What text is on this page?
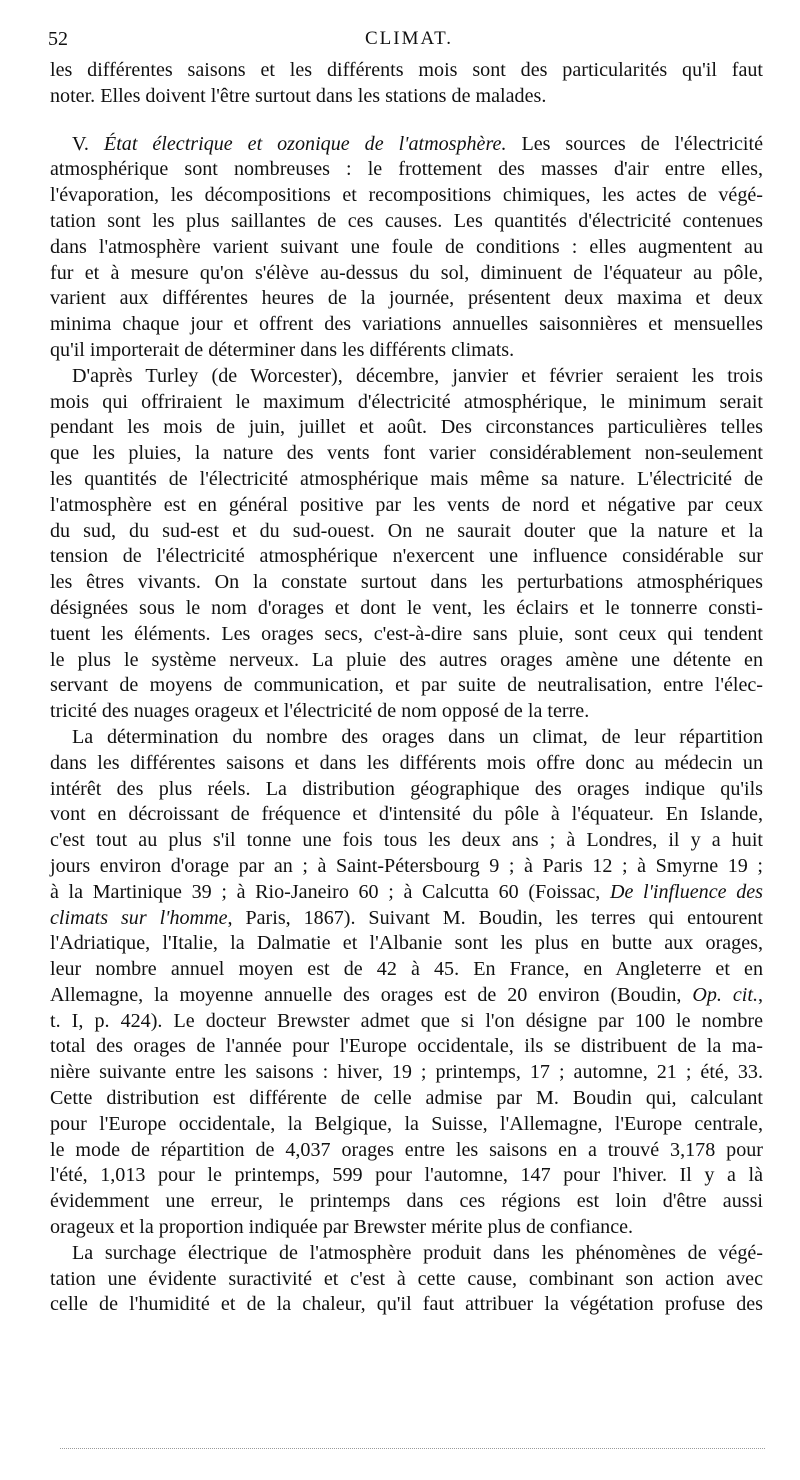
52	CLIMAT.
les différentes saisons et les différents mois sont des particularités qu'il faut
noter. Elles doivent l'être surtout dans les stations de malades.
V. État électrique et ozonique de l'atmosphère. Les sources de l'électricité
atmosphérique sont nombreuses : le frottement des masses d'air entre elles,
l'évaporation, les décompositions et recompositions chimiques, les actes de végé-
tation sont les plus saillantes de ces causes. Les quantités d'électricité contenues
dans l'atmosphère varient suivant une foule de conditions : elles augmentent au
fur et à mesure qu'on s'élève au-dessus du sol, diminuent de l'équateur au pôle,
varient aux différentes heures de la journée, présentent deux maxima et deux
minima chaque jour et offrent des variations annuelles saisonnières et mensuelles
qu'il importerait de déterminer dans les différents climats.
D'après Turley (de Worcester), décembre, janvier et février seraient les trois
mois qui offriraient le maximum d'électricité atmosphérique, le minimum serait
pendant les mois de juin, juillet et août. Des circonstances particulières telles
que les pluies, la nature des vents font varier considérablement non-seulement
les quantités de l'électricité atmosphérique mais même sa nature. L'électricité de
l'atmosphère est en général positive par les vents de nord et négative par ceux
du sud, du sud-est et du sud-ouest. On ne saurait douter que la nature et la
tension de l'électricité atmosphérique n'exercent une influence considérable sur
les êtres vivants. On la constate surtout dans les perturbations atmosphériques
désignées sous le nom d'orages et dont le vent, les éclairs et le tonnerre consti-
tuent les éléments. Les orages secs, c'est-à-dire sans pluie, sont ceux qui tendent
le plus le système nerveux. La pluie des autres orages amène une détente en
servant de moyens de communication, et par suite de neutralisation, entre l'élec-
tricité des nuages orageux et l'électricité de nom opposé de la terre.
La détermination du nombre des orages dans un climat, de leur répartition
dans les différentes saisons et dans les différents mois offre donc au médecin un
intérêt des plus réels. La distribution géographique des orages indique qu'ils
vont en décroissant de fréquence et d'intensité du pôle à l'équateur. En Islande,
c'est tout au plus s'il tonne une fois tous les deux ans ; à Londres, il y a huit
jours environ d'orage par an ; à Saint-Pétersbourg 9 ; à Paris 12 ; à Smyrne 19 ;
à la Martinique 39 ; à Rio-Janeiro 60 ; à Calcutta 60 (Foissac, De l'influence des
climats sur l'homme, Paris, 1867). Suivant M. Boudin, les terres qui entourent
l'Adriatique, l'Italie, la Dalmatie et l'Albanie sont les plus en butte aux orages,
leur nombre annuel moyen est de 42 à 45. En France, en Angleterre et en
Allemagne, la moyenne annuelle des orages est de 20 environ (Boudin, Op. cit.,
t. I, p. 424). Le docteur Brewster admet que si l'on désigne par 100 le nombre
total des orages de l'année pour l'Europe occidentale, ils se distribuent de la ma-
nière suivante entre les saisons : hiver, 19 ; printemps, 17 ; automne, 21 ; été, 33.
Cette distribution est différente de celle admise par M. Boudin qui, calculant
pour l'Europe occidentale, la Belgique, la Suisse, l'Allemagne, l'Europe centrale,
le mode de répartition de 4,037 orages entre les saisons en a trouvé 3,178 pour
l'été, 1,013 pour le printemps, 599 pour l'automne, 147 pour l'hiver. Il y a là
évidemment une erreur, le printemps dans ces régions est loin d'être aussi
orageux et la proportion indiquée par Brewster mérite plus de confiance.
La surchage électrique de l'atmosphère produit dans les phénomènes de végé-
tation une évidente suractivité et c'est à cette cause, combinant son action avec
celle de l'humidité et de la chaleur, qu'il faut attribuer la végétation profuse des
